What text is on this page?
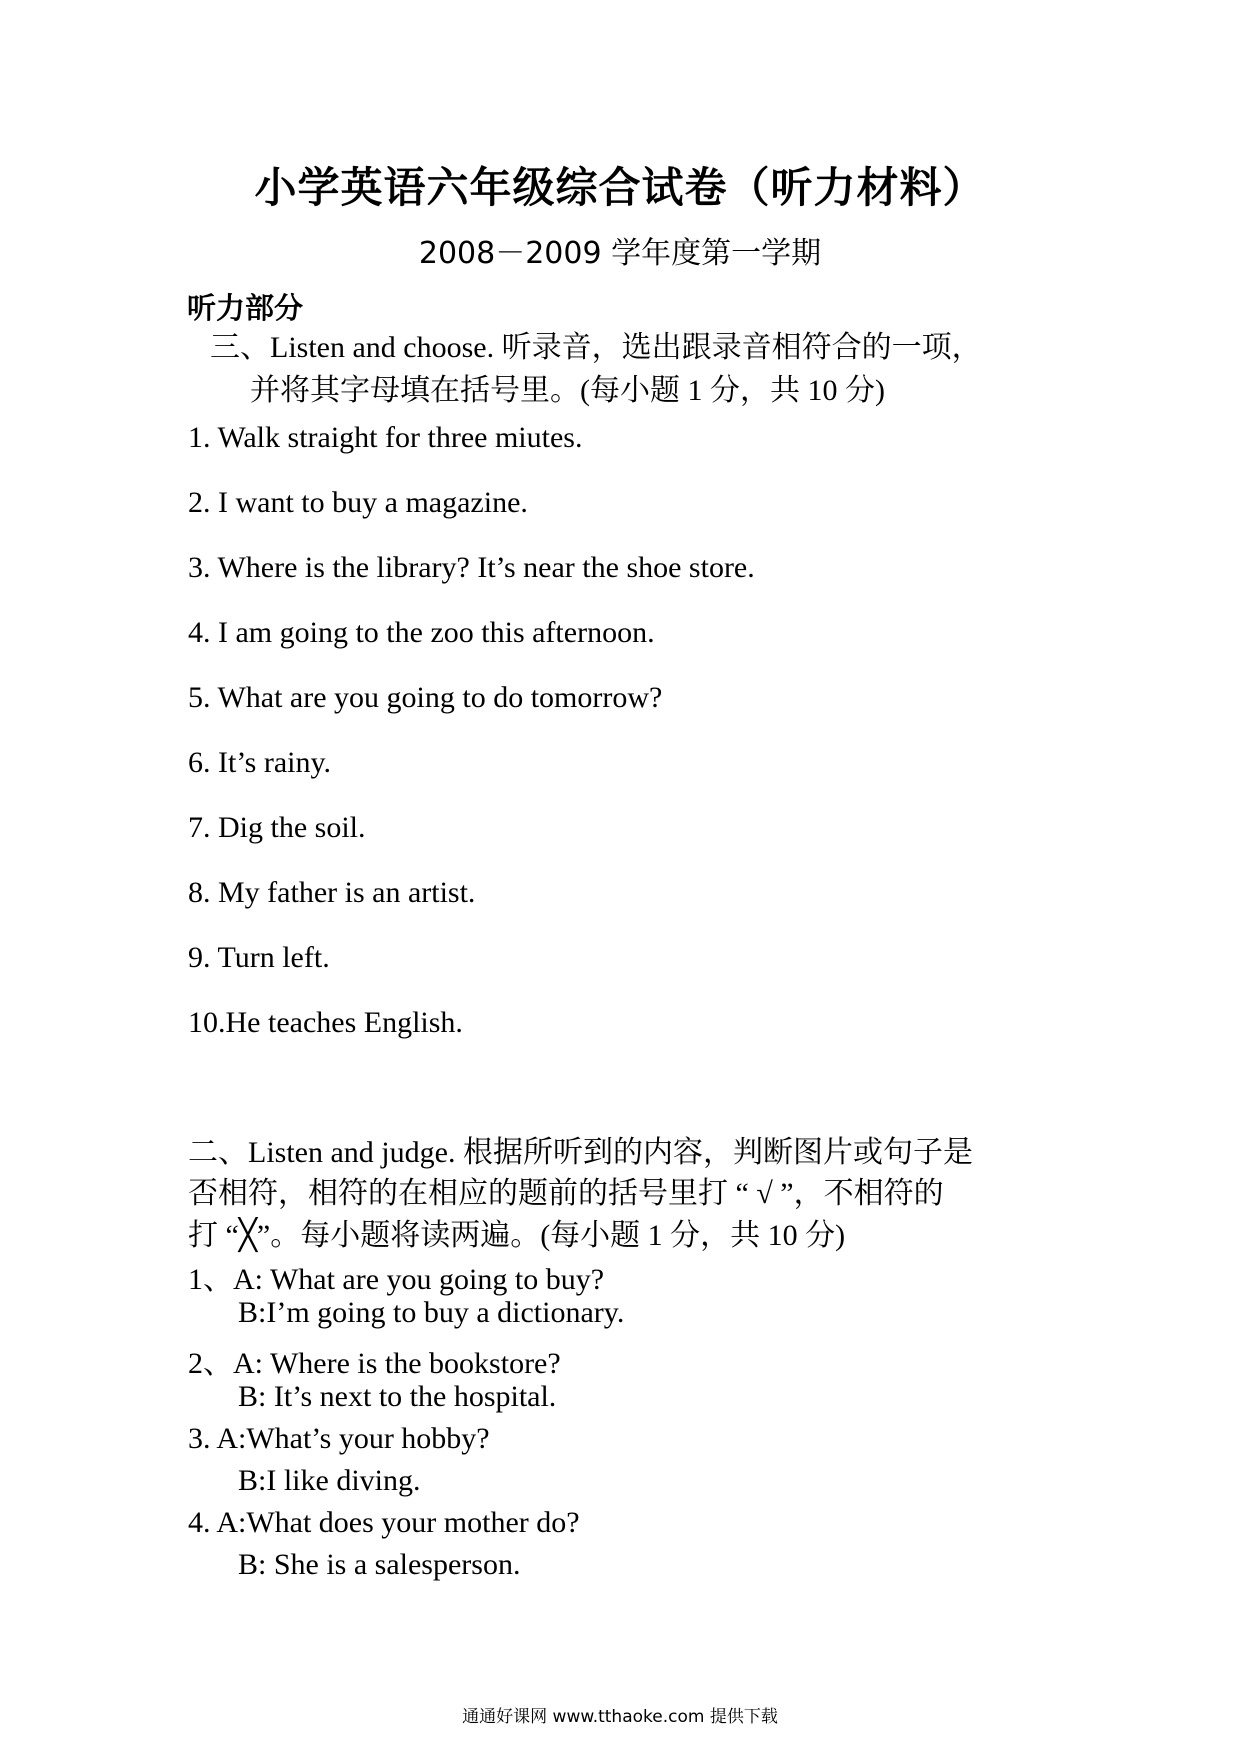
小学英语六年级综合试卷（听力材料）
2008－2009 学年度第一学期
听力部分
三、Listen and choose. 听录音，选出跟录音相符合的一项，
并将其字母填在括号里。(每小题 1 分，共 10 分)
1. Walk straight for three miutes.
2. I want to buy a magazine.
3. Where is the library? It’s near the shoe store.
4. I am going to the zoo this afternoon.
5. What are you going to do tomorrow?
6. It’s rainy.
7. Dig the soil.
8. My father is an artist.
9. Turn left.
10.He teaches English.
二、Listen and judge. 根据所听到的内容，判断图片或句子是
否相符，相符的在相应的题前的括号里打 “ √ ”，不相符的
打 “╳”。每小题将读两遍。(每小题 1 分，共 10 分)
1、A: What are you going to buy?
B:I’m going to buy a dictionary.
2、A: Where is the bookstore?
B: It’s next to the hospital.
3. A:What’s your hobby?
B:I like diving.
4. A:What does your mother do?
B: She is a salesperson.
通通好课网 www.tthaoke.com 提供下载
